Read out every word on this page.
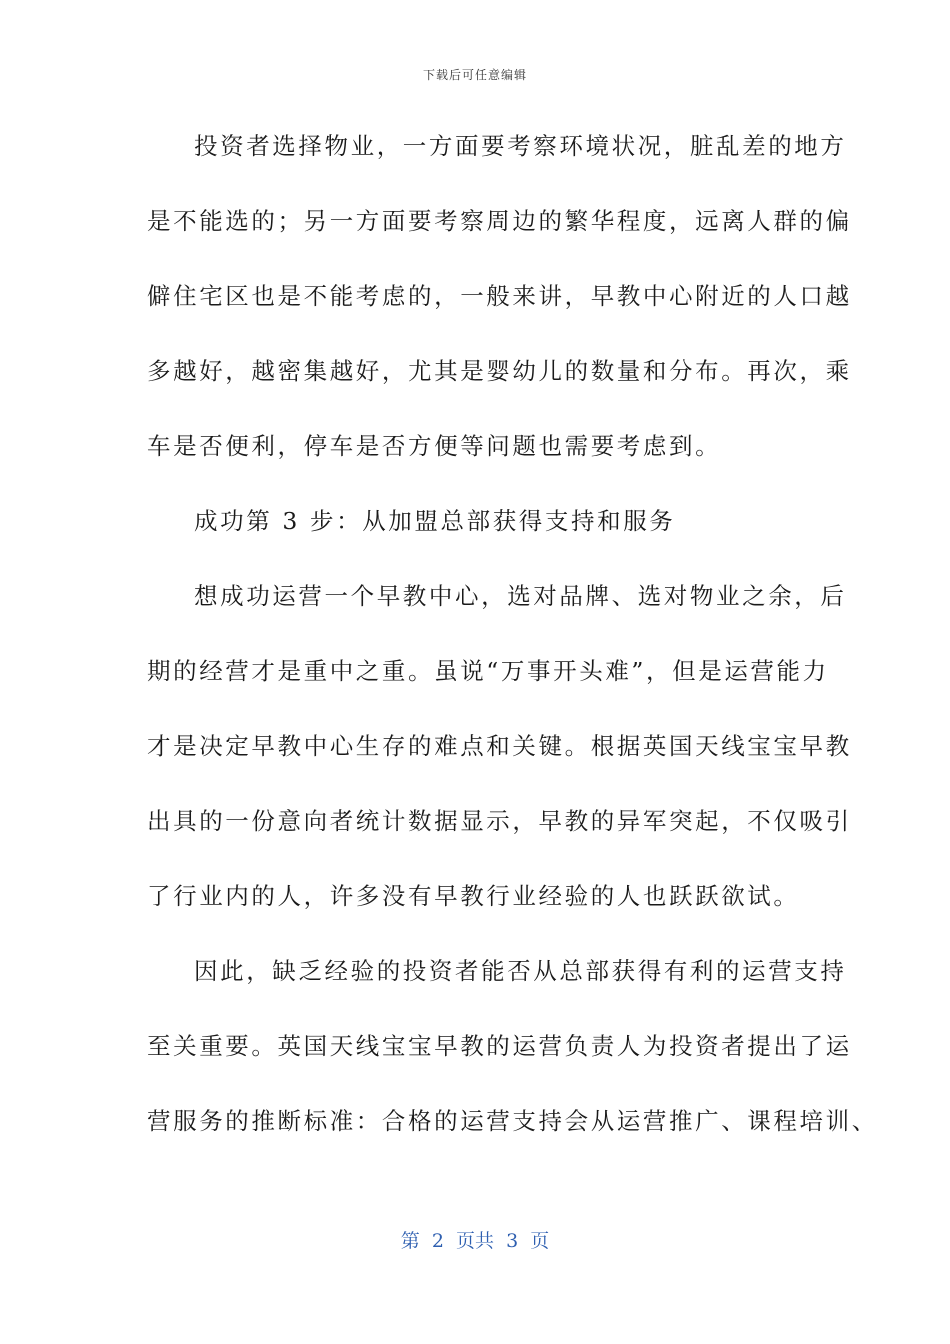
下载后可任意编辑
投资者选择物业，一方面要考察环境状况，脏乱差的地方
是不能选的；另一方面要考察周边的繁华程度，远离人群的偏
僻住宅区也是不能考虑的，一般来讲，早教中心附近的人口越
多越好，越密集越好，尤其是婴幼儿的数量和分布。再次，乘
车是否便利，停车是否方便等问题也需要考虑到。
成功第 3 步：从加盟总部获得支持和服务
想成功运营一个早教中心，选对品牌、选对物业之余，后
期的经营才是重中之重。虽说“万事开头难”，但是运营能力
才是决定早教中心生存的难点和关键。根据英国天线宝宝早教
出具的一份意向者统计数据显示，早教的异军突起，不仅吸引
了行业内的人，许多没有早教行业经验的人也跃跃欲试。
因此，缺乏经验的投资者能否从总部获得有利的运营支持
至关重要。英国天线宝宝早教的运营负责人为投资者提出了运
营服务的推断标准：合格的运营支持会从运营推广、课程培训、
第  2  页共  3  页
